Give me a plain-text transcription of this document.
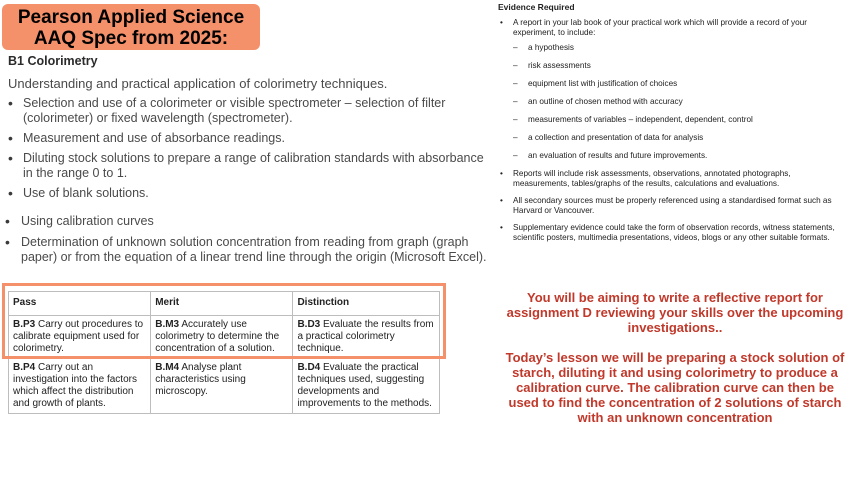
Pearson Applied Science
AAQ Spec from 2025:
B1 Colorimetry
Understanding and practical application of colorimetry techniques.
• Selection and use of a colorimeter or visible spectrometer – selection of filter (colorimeter) or fixed wavelength (spectrometer).
• Measurement and use of absorbance readings.
• Diluting stock solutions to prepare a range of calibration standards with absorbance in the range 0 to 1.
• Use of blank solutions.
• Using calibration curves
• Determination of unknown solution concentration from reading from graph (graph paper) or from the equation of a linear trend line through the origin (Microsoft Excel).
Pass	Merit	Distinction
B.P3 Carry out procedures to calibrate equipment used for colorimetry.	B.M3 Accurately use colorimetry to determine the concentration of a solution.	B.D3 Evaluate the results from a practical colorimetry technique.
B.P4 Carry out an investigation into the factors which affect the distribution and growth of plants.	B.M4 Analyse plant characteristics using microscopy.	B.D4 Evaluate the practical techniques used, suggesting developments and improvements to the methods.
Evidence Required
• A report in your lab book of your practical work which will provide a record of your experiment, to include:
– a hypothesis
– risk assessments
– equipment list with justification of choices
– an outline of chosen method with accuracy
– measurements of variables – independent, dependent, control
– a collection and presentation of data for analysis
– an evaluation of results and future improvements.
• Reports will include risk assessments, observations, annotated photographs, measurements, tables/graphs of the results, calculations and evaluations.
• All secondary sources must be properly referenced using a standardised format such as Harvard or Vancouver.
• Supplementary evidence could take the form of observation records, witness statements, scientific posters, multimedia presentations, videos, blogs or any other suitable formats.

You will be aiming to write a reflective report for assignment D reviewing your skills over the upcoming investigations..

Today’s lesson we will be preparing a stock solution of starch, diluting it and using colorimetry to produce a calibration curve. The calibration curve can then be used to find the concentration of 2 solutions of starch with an unknown concentration
